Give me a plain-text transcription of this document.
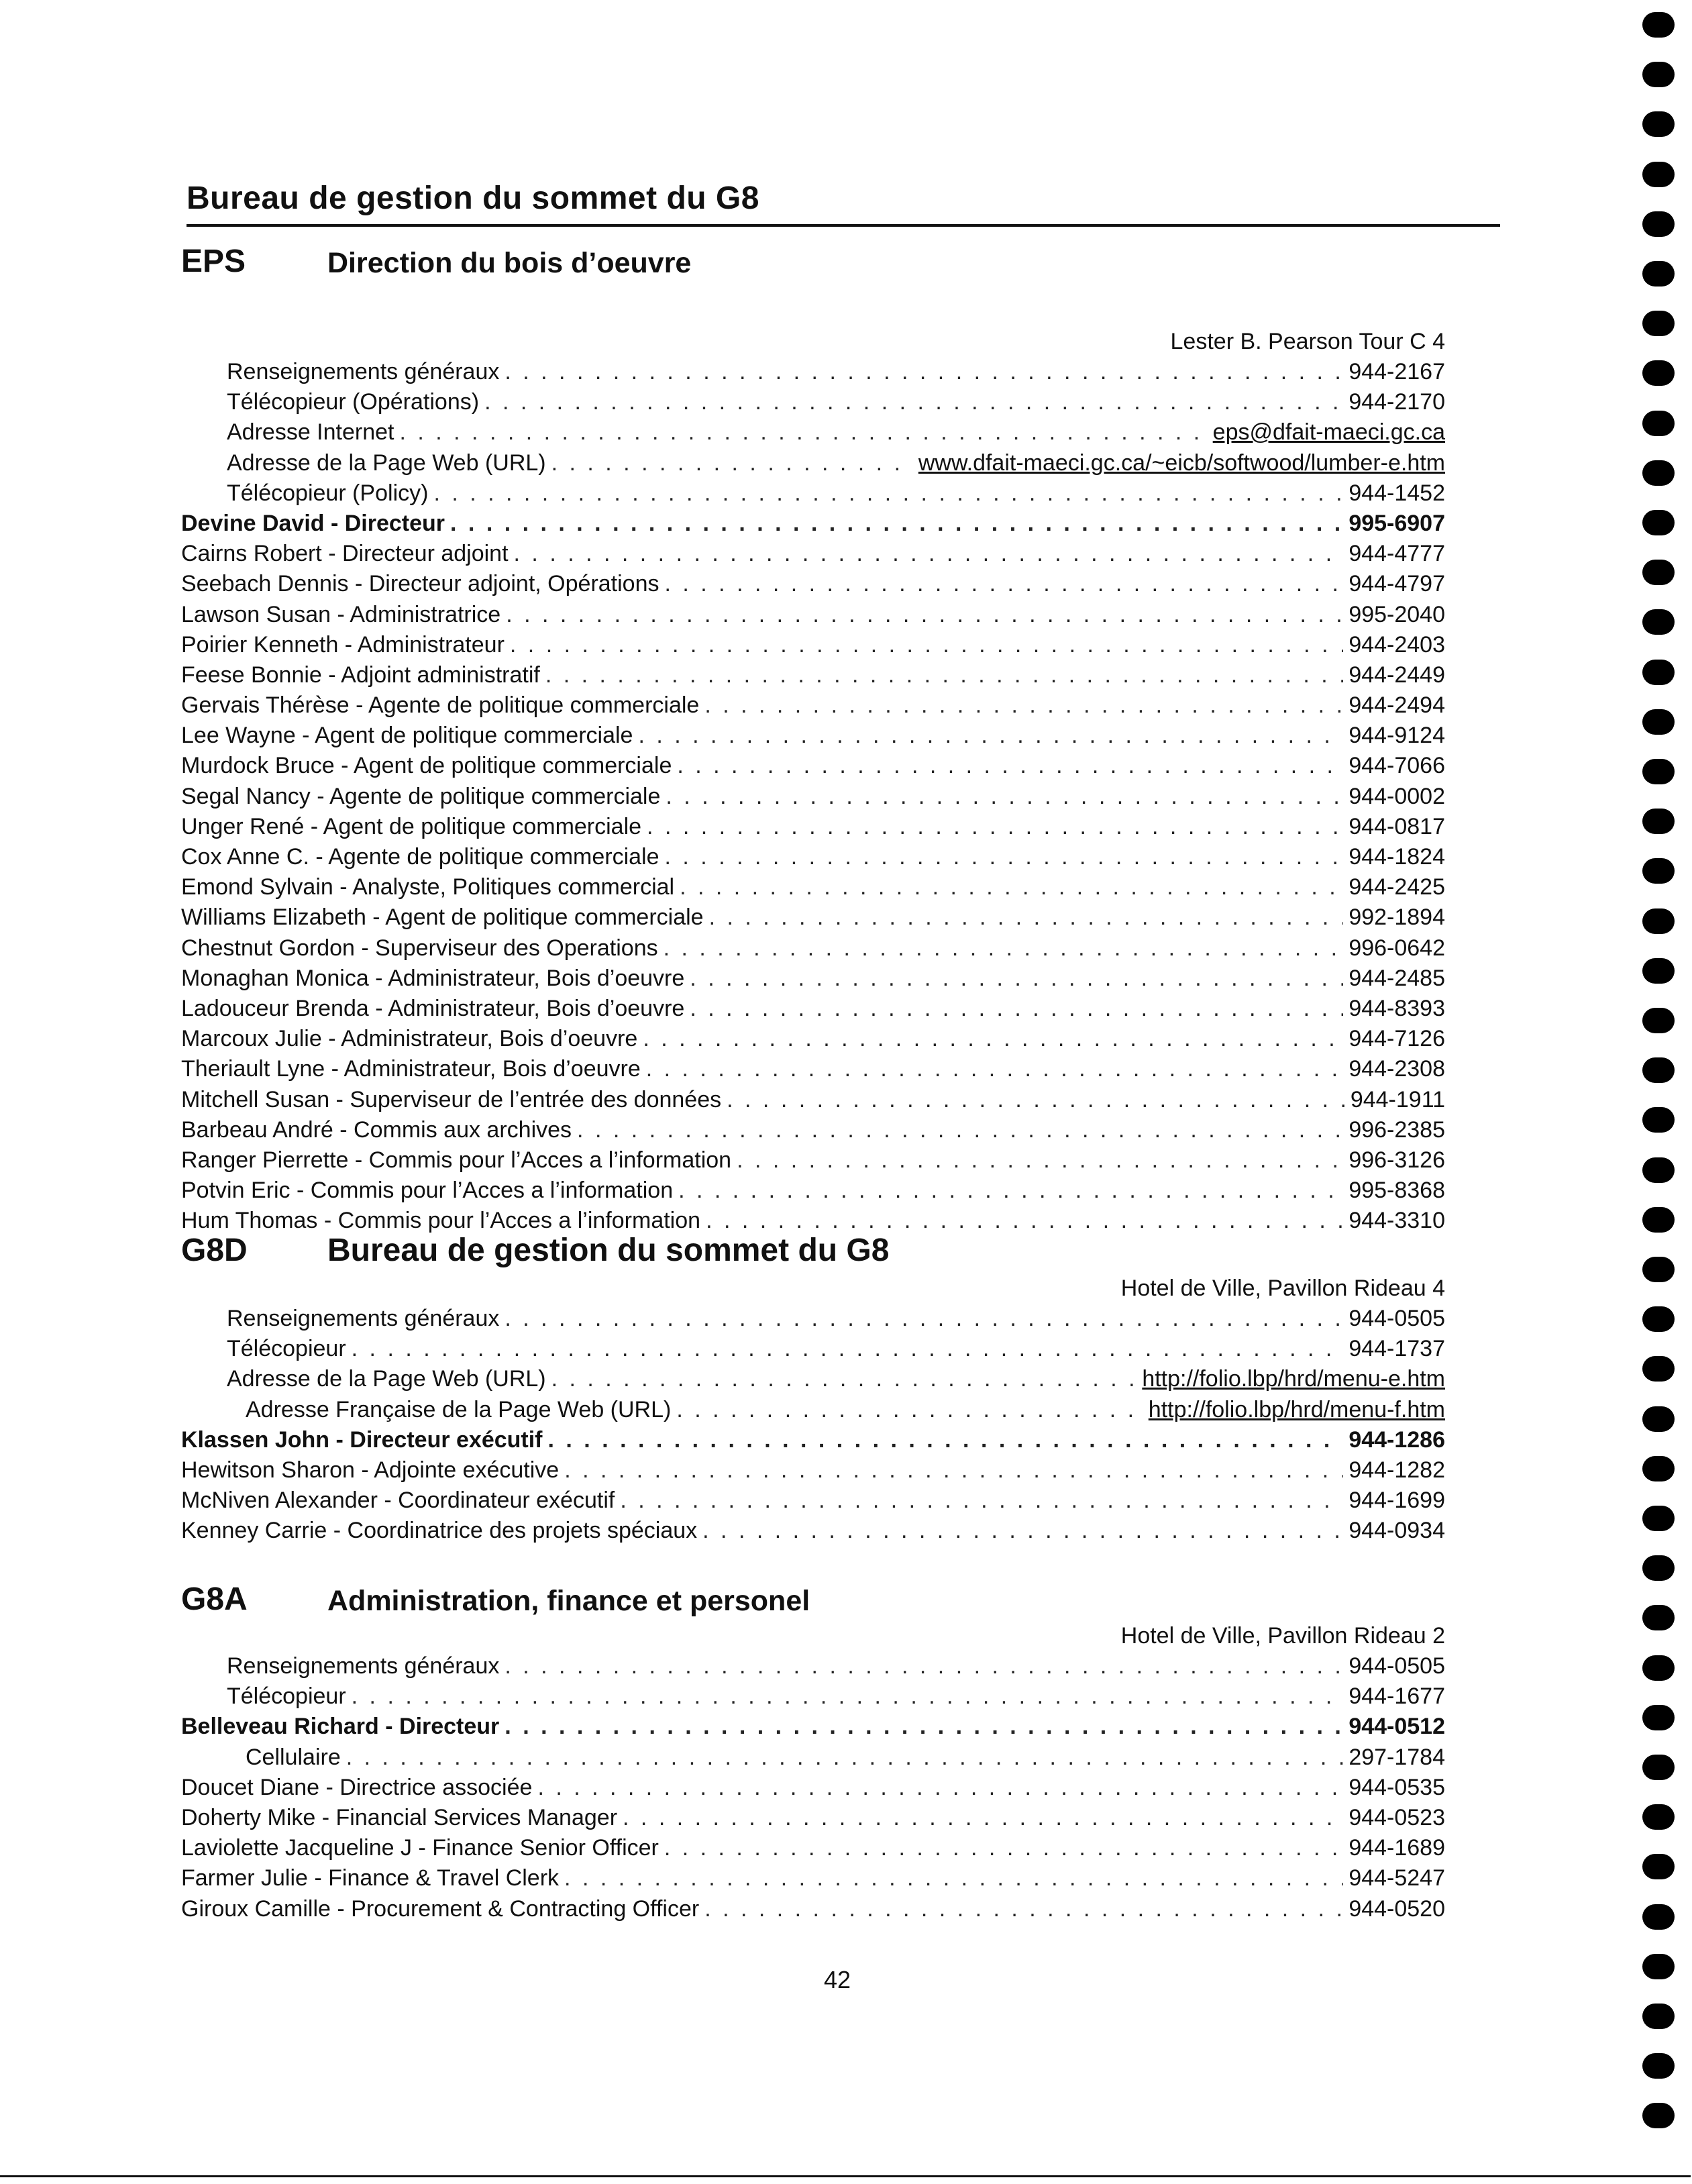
Bureau de gestion du sommet du G8
EPS	Direction du bois d’oeuvre
Lester B. Pearson Tour C 4
Renseignements généraux . . .	944-2167
Télécopieur (Opérations) . . .	944-2170
Adresse Internet . . .	eps@dfait-maeci.gc.ca
Adresse de la Page Web (URL) . . .	www.dfait-maeci.gc.ca/~eicb/softwood/lumber-e.htm
Télécopieur (Policy) . . .	944-1452
Devine David - Directeur . . .	995-6907
Cairns Robert - Directeur adjoint . . .	944-4777
Seebach Dennis - Directeur adjoint, Opérations . . .	944-4797
Lawson Susan - Administratrice . . .	995-2040
Poirier Kenneth - Administrateur . . .	944-2403
Feese Bonnie - Adjoint administratif . . .	944-2449
Gervais Thérèse - Agente de politique commerciale . . .	944-2494
Lee Wayne - Agent de politique commerciale . . .	944-9124
Murdock Bruce - Agent de politique commerciale . . .	944-7066
Segal Nancy - Agente de politique commerciale . . .	944-0002
Unger René - Agent de politique commerciale . . .	944-0817
Cox Anne C. - Agente de politique commerciale . . .	944-1824
Emond Sylvain - Analyste, Politiques commercial . . .	944-2425
Williams Elizabeth - Agent de politique commerciale . . .	992-1894
Chestnut Gordon - Superviseur des Operations . . .	996-0642
Monaghan Monica - Administrateur, Bois d’oeuvre . . .	944-2485
Ladouceur Brenda - Administrateur, Bois d’oeuvre . . .	944-8393
Marcoux Julie - Administrateur, Bois d’oeuvre . . .	944-7126
Theriault Lyne - Administrateur, Bois d’oeuvre . . .	944-2308
Mitchell Susan - Superviseur de l’entrée des données . . .	944-1911
Barbeau André - Commis aux archives . . .	996-2385
Ranger Pierrette - Commis pour l’Acces a l’information . . .	996-3126
Potvin Eric - Commis pour l’Acces a l’information . . .	995-8368
Hum Thomas - Commis pour l’Acces a l’information . . .	944-3310
G8D Bureau de gestion du sommet du G8
Hotel de Ville, Pavillon Rideau 4
Renseignements généraux . . .	944-0505
Télécopieur . . .	944-1737
Adresse de la Page Web (URL) . . .	http://folio.lbp/hrd/menu-e.htm
Adresse Française de la Page Web (URL) . . .	http://folio.lbp/hrd/menu-f.htm
Klassen John - Directeur exécutif . . .	944-1286
Hewitson Sharon - Adjointe exécutive . . .	944-1282
McNiven Alexander - Coordinateur exécutif . . .	944-1699
Kenney Carrie - Coordinatrice des projets spéciaux . . .	944-0934
G8A	Administration, finance et personel
Hotel de Ville, Pavillon Rideau 2
Renseignements généraux . . .	944-0505
Télécopieur . . .	944-1677
Belleveau Richard - Directeur . . .	944-0512
Cellulaire . . .	297-1784
Doucet Diane - Directrice associée . . .	944-0535
Doherty Mike - Financial Services Manager . . .	944-0523
Laviolette Jacqueline J - Finance Senior Officer . . .	944-1689
Farmer Julie - Finance & Travel Clerk . . .	944-5247
Giroux Camille - Procurement & Contracting Officer . . .	944-0520
42
